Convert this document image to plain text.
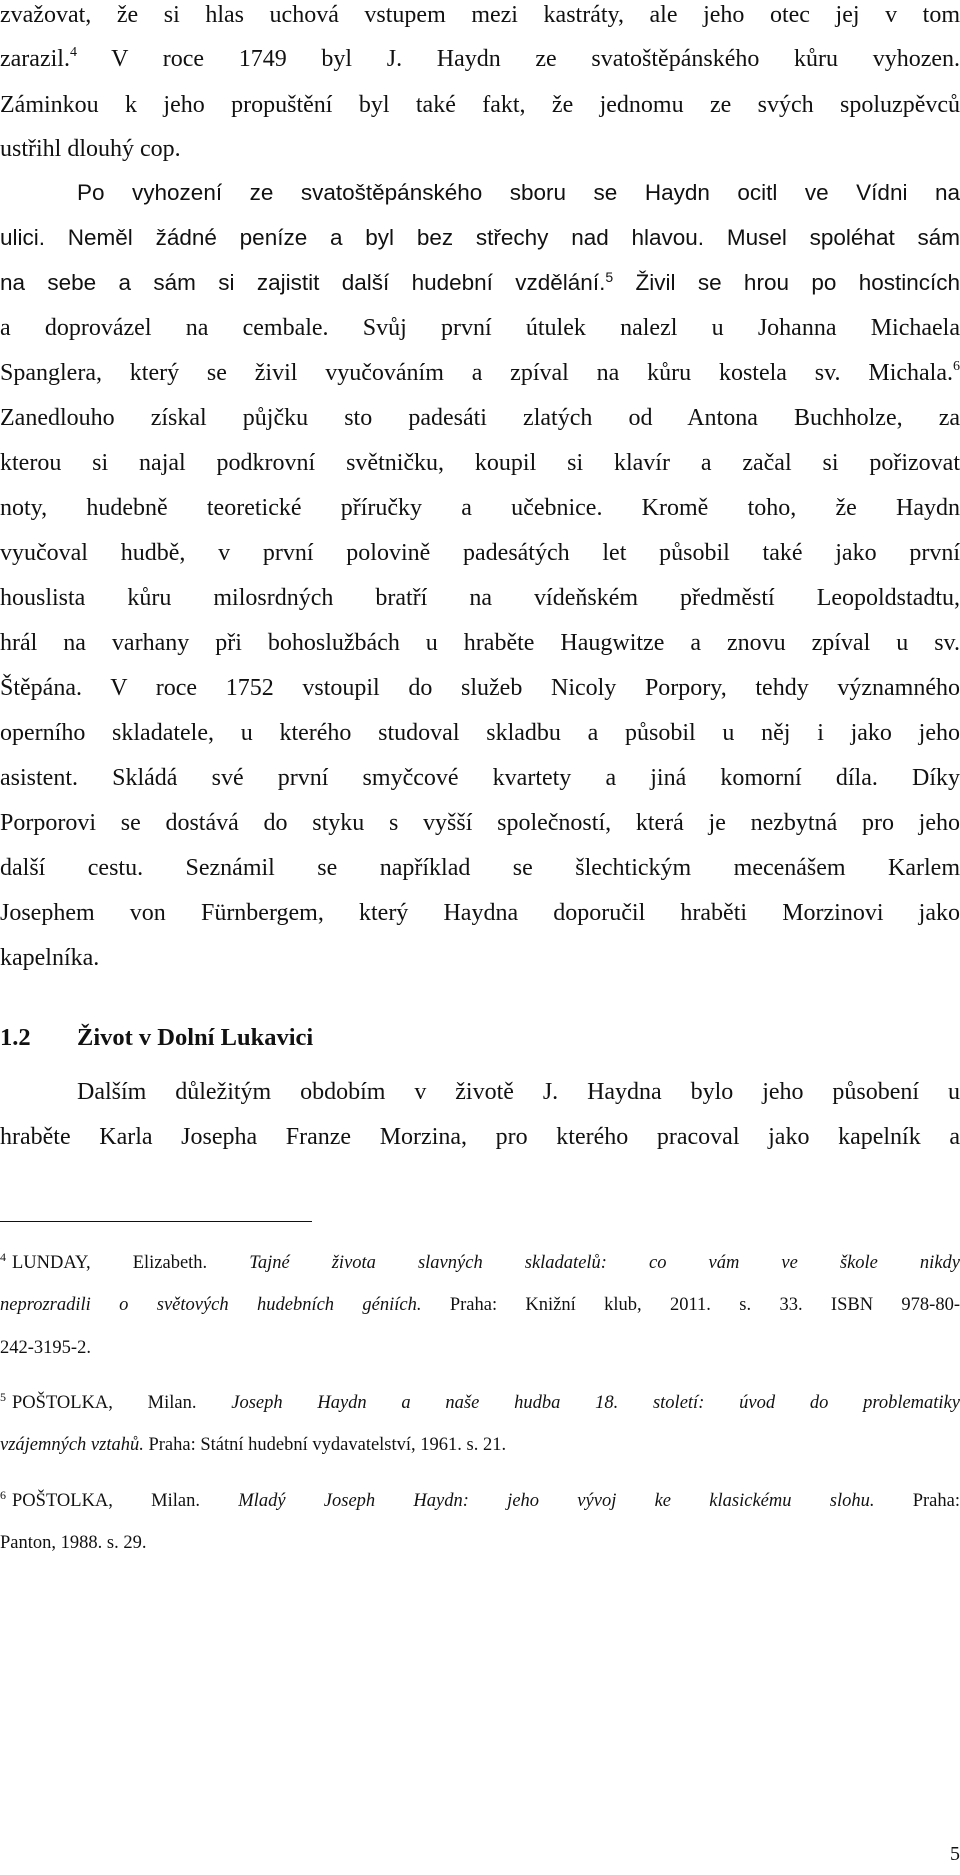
zvažovat, že si hlas uchová vstupem mezi kastráty, ale jeho otec jej v tom
zarazil.$^4$ V roce 1749 byl J. Haydn ze svatoštěpánského kůru vyhozen.
Záminkou k jeho propuštění byl také fakt, že jednomu ze svých spoluzpěvců
ustřihl dlouhý cop.
Po vyhození ze svatoštěpánského sboru se Haydn ocitl ve Vídni na
ulici. Neměl žádné peníze a byl bez střechy nad hlavou. Musel spoléhat sám
na sebe a sám si zajistit další hudební vzdělání.$^5$ Živil se hrou po hostincích
a doprovázel na cembale. Svůj první útulek nalezl u Johanna Michaela
Spanglera, který se živil vyučováním a zpíval na kůru kostela sv. Michala.$^6$
Zanedlouho získal půjčku sto padesáti zlatých od Antona Buchholze, za
kterou si najal podkrovní světničku, koupil si klavír a začal si pořizovat
noty, hudebně teoretické příručky a učebnice. Kromě toho, že Haydn
vyučoval hudbě, v první polovině padesátých let působil také jako první
houslista kůru milosrdných bratří na vídeňském předměstí Leopoldstadtu,
hrál na varhany při bohoslužbách u hraběte Haugwitze a znovu zpíval u sv.
Štěpána. V roce 1752 vstoupil do služeb Nicoly Porpory, tehdy významného
operního skladatele, u kterého studoval skladbu a působil u něj i jako jeho
asistent. Skládá své první smyčcové kvartety a jiná komorní díla. Díky
Porporovi se dostává do styku s vyšší společností, která je nezbytná pro jeho
další cestu. Seznámil se například se šlechtickým mecenášem Karlem
Josephem von Fürnbergem, který Haydna doporučil hraběti Morzinovi jako
kapelníka.
1.2 Život v Dolní Lukavici
Dalším důležitým obdobím v životě J. Haydna bylo jeho působení u
hraběte Karla Josepha Franze Morzina, pro kterého pracoval jako kapelník a
$^4$ LUNDAY, Elizabeth. Tajné života slavných skladatelů: co vám ve škole nikdy
neprozradili o světových hudebních géniích. Praha: Knižní klub, 2011. s. 33. ISBN 978-80-
242-3195-2.
$^5$ POŠTOLKA, Milan. Joseph Haydn a naše hudba 18. století: úvod do problematiky
vzájemných vztahů. Praha: Státní hudební vydavatelství, 1961. s. 21.
$^6$ POŠTOLKA, Milan. Mladý Joseph Haydn: jeho vývoj ke klasickému slohu. Praha:
Panton, 1988. s. 29.
5
